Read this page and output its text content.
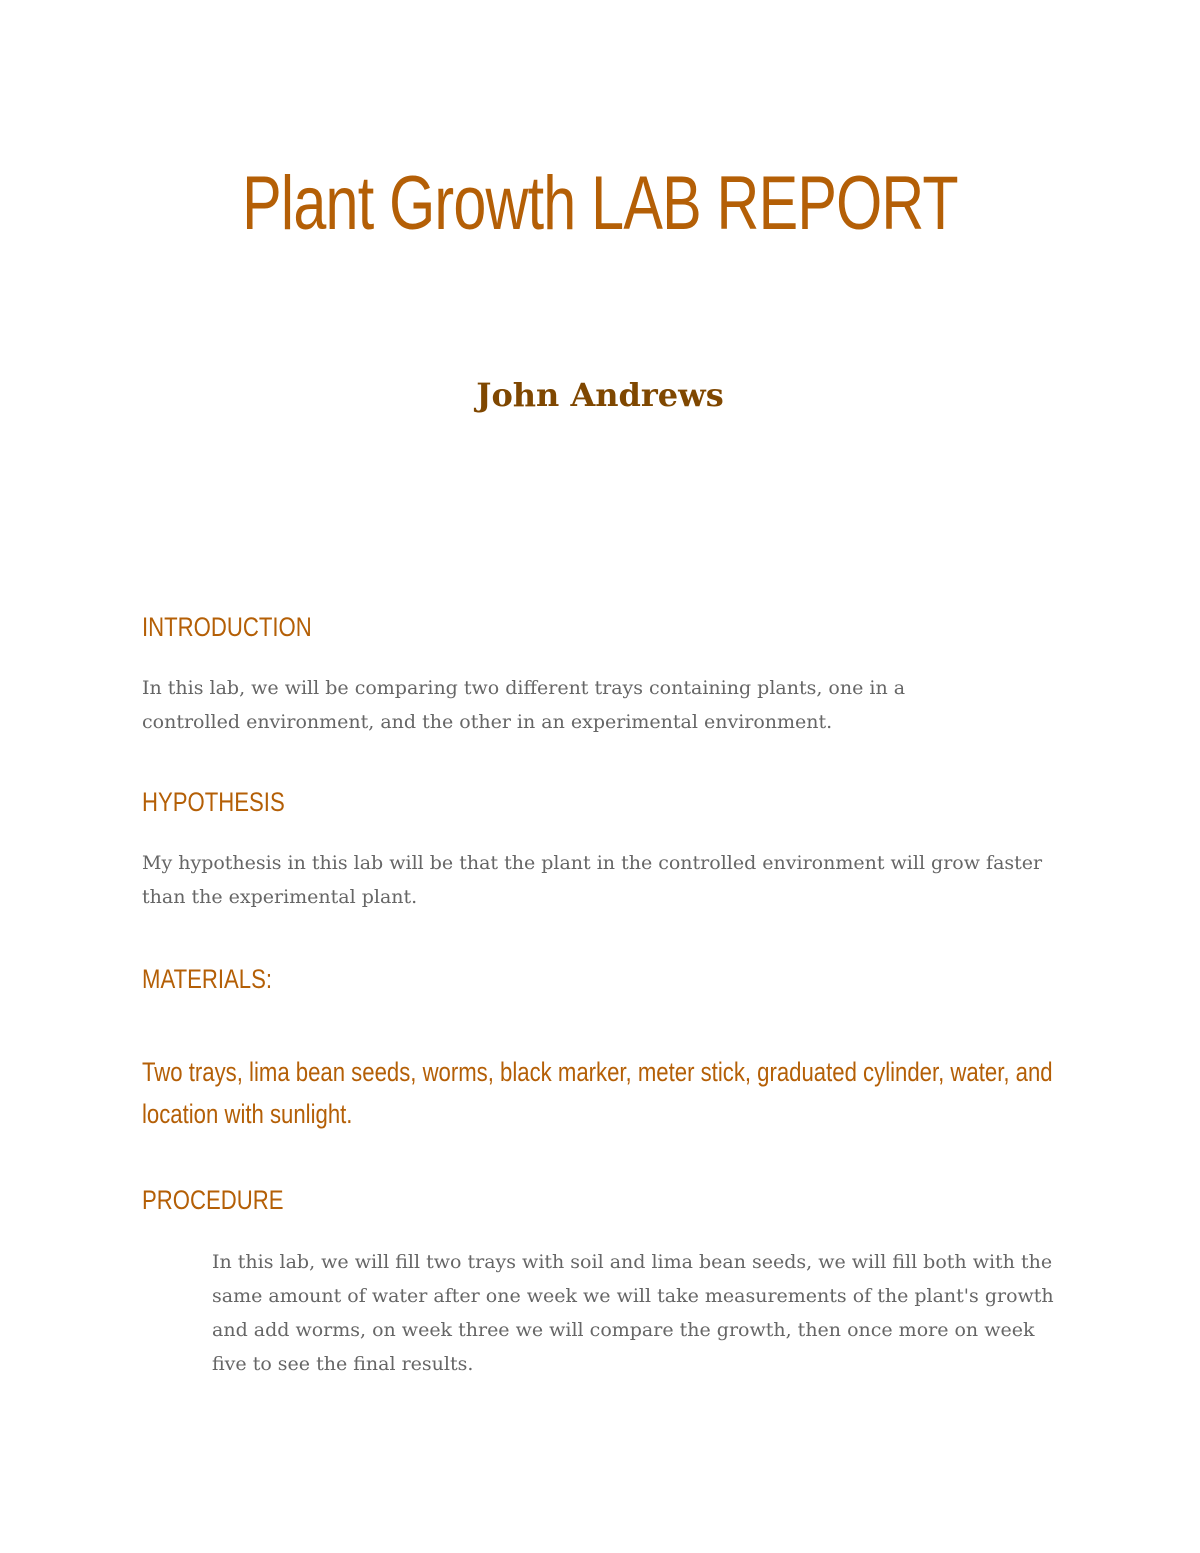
Plant Growth LAB REPORT
John Andrews
INTRODUCTION

In this lab, we will be comparing two different trays containing plants, one in a controlled environment, and the other in an experimental environment.

HYPOTHESIS

My hypothesis in this lab will be that the plant in the controlled environment will grow faster than the experimental plant.

MATERIALS:

Two trays, lima bean seeds, worms, black marker, meter stick, graduated cylinder, water, and location with sunlight.

PROCEDURE

In this lab, we will fill two trays with soil and lima bean seeds, we will fill both with the same amount of water after one week we will take measurements of the plant's growth and add worms, on week three we will compare the growth, then once more on week five to see the final results.
